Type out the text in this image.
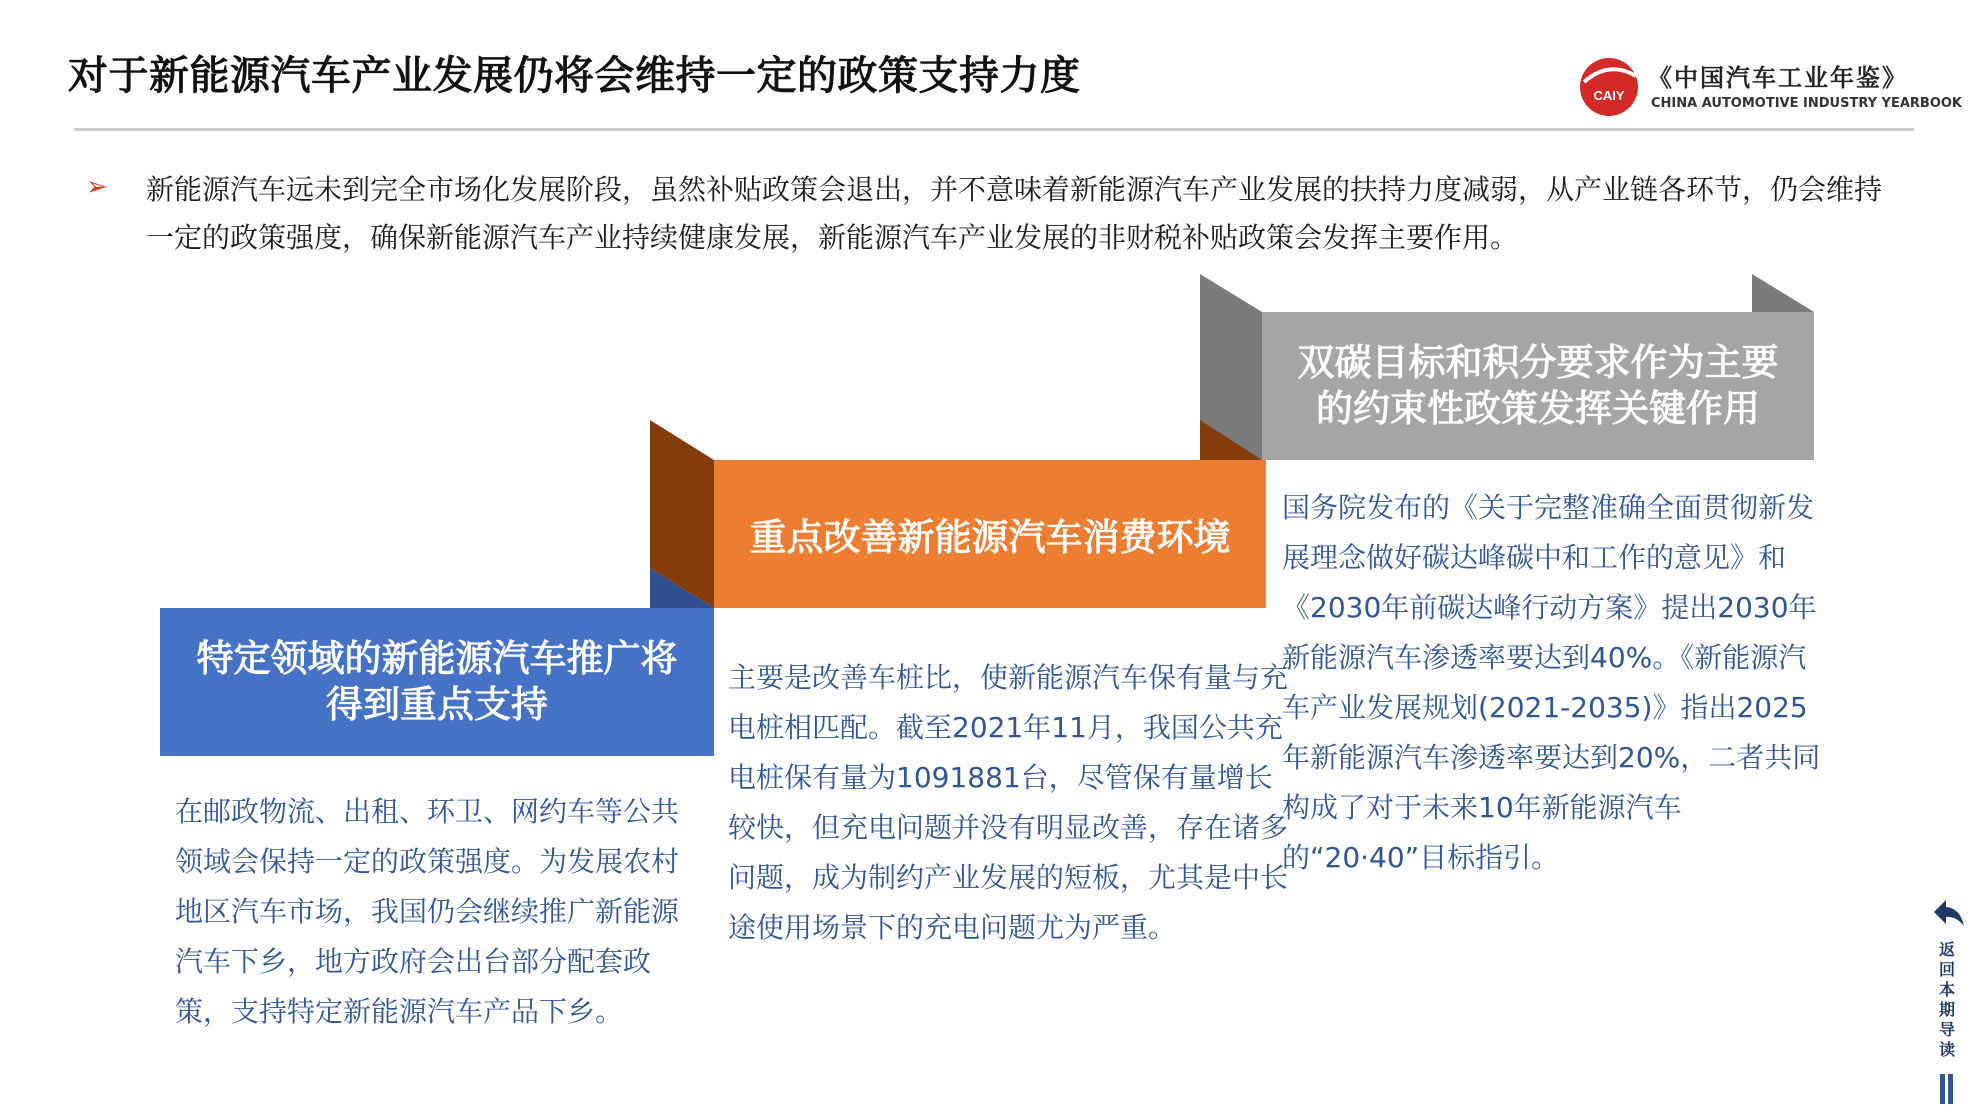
对于新能源汽车产业发展仍将会维持一定的政策支持力度	CAIY
《中国汽车工业年鉴》
CHINA AUTOMOTIVE INDUSTRY YEARBOOK
➢ 新能源汽车远未到完全市场化发展阶段，虽然补贴政策会退出，并不意味着新能源汽车产业发展的扶持力度减弱，从产业链各环节，仍会维持一定的政策强度，确保新能源汽车产业持续健康发展，新能源汽车产业发展的非财税补贴政策会发挥主要作用。
特定领域的新能源汽车推广将得到重点支持
重点改善新能源汽车消费环境
双碳目标和积分要求作为主要的约束性政策发挥关键作用
在邮政物流、出租、环卫、网约车等公共领域会保持一定的政策强度。为发展农村地区汽车市场，我国仍会继续推广新能源汽车下乡，地方政府会出台部分配套政策，支持特定新能源汽车产品下乡。
主要是改善车桩比，使新能源汽车保有量与充电桩相匹配。截至2021年11月，我国公共充电桩保有量为1091881台，尽管保有量增长较快，但充电问题并没有明显改善，存在诸多问题，成为制约产业发展的短板，尤其是中长途使用场景下的充电问题尤为严重。
国务院发布的《关于完整准确全面贯彻新发展理念做好碳达峰碳中和工作的意见》和《2030年前碳达峰行动方案》提出2030年新能源汽车渗透率要达到40%。《新能源汽车产业发展规划(2021-2035)》指出2025年新能源汽车渗透率要达到20%，二者共同构成了对于未来10年新能源汽车的“20·40”目标指引。
返回本期导读
